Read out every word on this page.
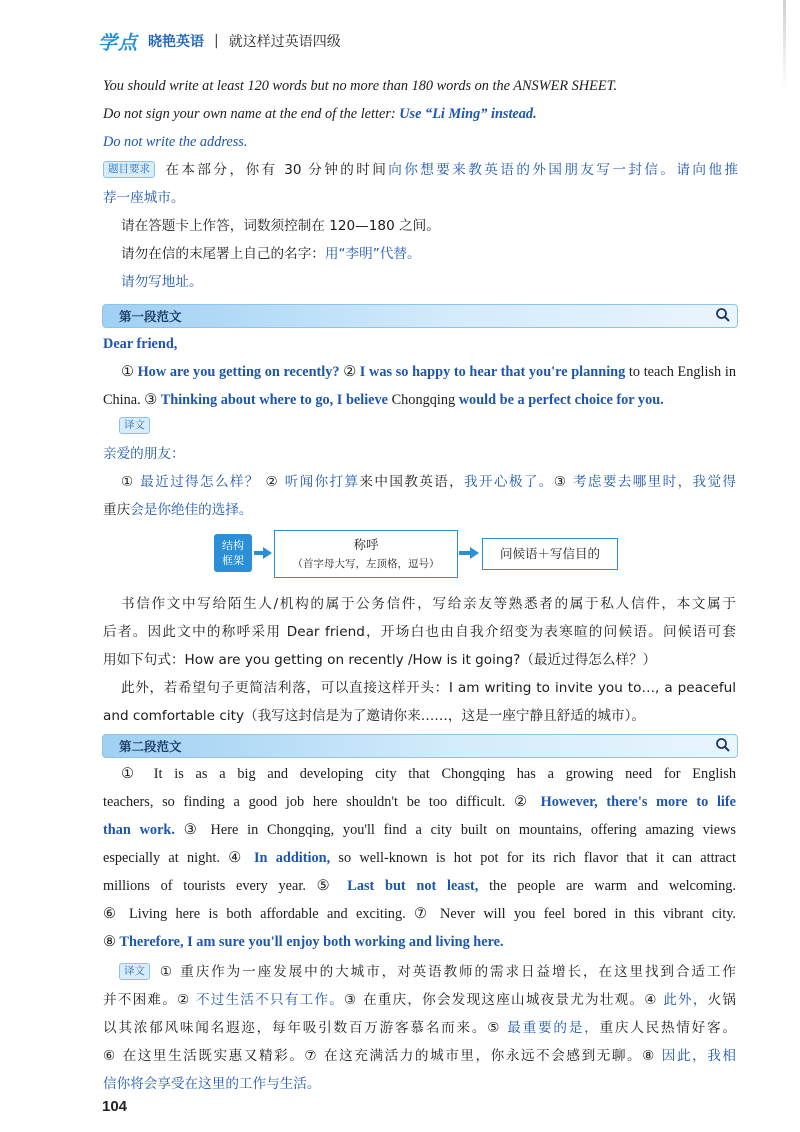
学点 晓艳英语 | 就这样过英语四级
You should write at least 120 words but no more than 180 words on the ANSWER SHEET.
Do not sign your own name at the end of the letter: Use “Li Ming” instead.
Do not write the address.
题目要求 在本部分，你有 30 分钟的时间向你想要来教英语的外国朋友写一封信。请向他推
荐一座城市。
请在答题卡上作答，词数须控制在 120—180 之间。
请勿在信的末尾署上自己的名字：用“李明”代替。
请勿写地址。
第一段范文
Dear friend,
① How are you getting on recently? ② I was so happy to hear that you're planning to teach English in
China. ③ Thinking about where to go, I believe Chongqing would be a perfect choice for you.
译文
亲爱的朋友：
① 最近过得怎么样？ ② 听闻你打算来中国教英语，我开心极了。③ 考虑要去哪里时，我觉得
重庆会是你绝佳的选择。
结构
框架
称呼
（首字母大写，左顶格，逗号）
问候语＋写信目的
书信作文中写给陌生人/机构的属于公务信件，写给亲友等熟悉者的属于私人信件，本文属于
后者。因此文中的称呼采用 Dear friend，开场白也由自我介绍变为表寒暄的问候语。问候语可套
用如下句式：How are you getting on recently /How is it going?（最近过得怎么样？）
此外，若希望句子更简洁利落，可以直接这样开头：I am writing to invite you to…, a peaceful
and comfortable city（我写这封信是为了邀请你来……，这是一座宁静且舒适的城市）。
第二段范文
① It is as a big and developing city that Chongqing has a growing need for English
teachers, so finding a good job here shouldn't be too difficult. ② However, there's more to life
than work. ③ Here in Chongqing, you'll find a city built on mountains, offering amazing views
especially at night. ④ In addition, so well-known is hot pot for its rich flavor that it can attract
millions of tourists every year. ⑤ Last but not least, the people are warm and welcoming.
⑥ Living here is both affordable and exciting. ⑦ Never will you feel bored in this vibrant city.
⑧ Therefore, I am sure you'll enjoy both working and living here.
译文 ① 重庆作为一座发展中的大城市，对英语教师的需求日益增长，在这里找到合适工作
并不困难。② 不过生活不只有工作。③ 在重庆，你会发现这座山城夜景尤为壮观。④ 此外，火锅
以其浓郁风味闻名遐迩，每年吸引数百万游客慕名而来。⑤ 最重要的是，重庆人民热情好客。
⑥ 在这里生活既实惠又精彩。⑦ 在这充满活力的城市里，你永远不会感到无聊。⑧ 因此，我相
信你将会享受在这里的工作与生活。
104
